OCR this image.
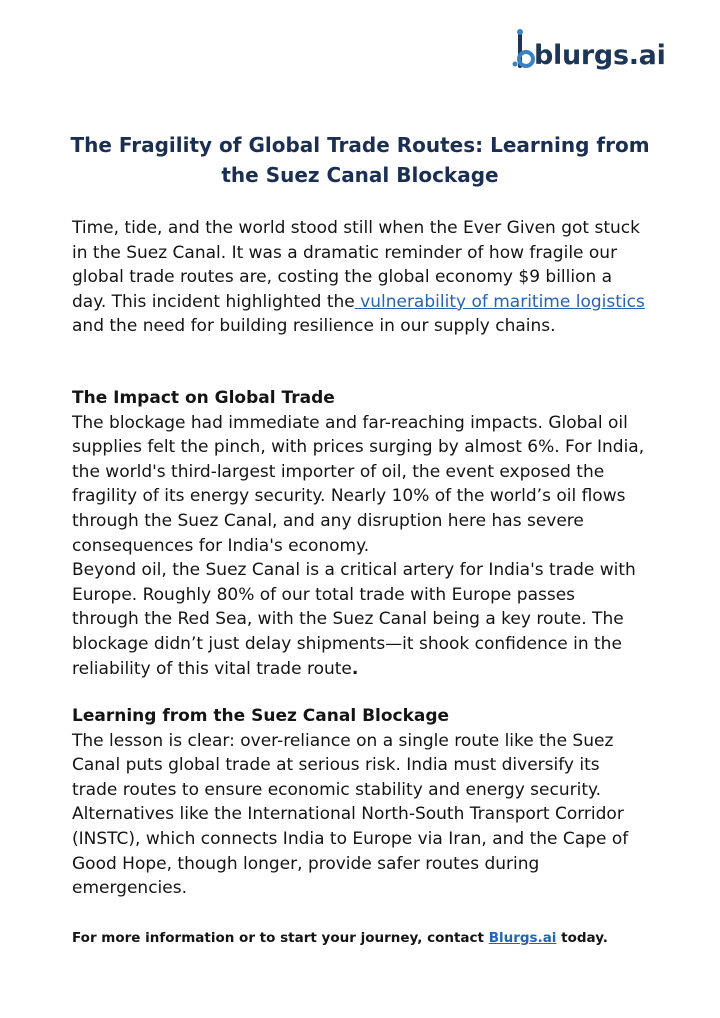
blurgs.ai
The Fragility of Global Trade Routes: Learning from the Suez Canal Blockage

Time, tide, and the world stood still when the Ever Given got stuck in the Suez Canal. It was a dramatic reminder of how fragile our global trade routes are, costing the global economy $9 billion a day. This incident highlighted the vulnerability of maritime logistics and the need for building resilience in our supply chains.

The Impact on Global Trade
The blockage had immediate and far-reaching impacts. Global oil supplies felt the pinch, with prices surging by almost 6%. For India, the world's third-largest importer of oil, the event exposed the fragility of its energy security. Nearly 10% of the world’s oil flows through the Suez Canal, and any disruption here has severe consequences for India's economy.
Beyond oil, the Suez Canal is a critical artery for India's trade with Europe. Roughly 80% of our total trade with Europe passes through the Red Sea, with the Suez Canal being a key route. The blockage didn’t just delay shipments—it shook confidence in the reliability of this vital trade route.
Learning from the Suez Canal Blockage
The lesson is clear: over-reliance on a single route like the Suez Canal puts global trade at serious risk. India must diversify its trade routes to ensure economic stability and energy security. Alternatives like the International North-South Transport Corridor (INSTC), which connects India to Europe via Iran, and the Cape of Good Hope, though longer, provide safer routes during emergencies.

For more information or to start your journey, contact Blurgs.ai today.
